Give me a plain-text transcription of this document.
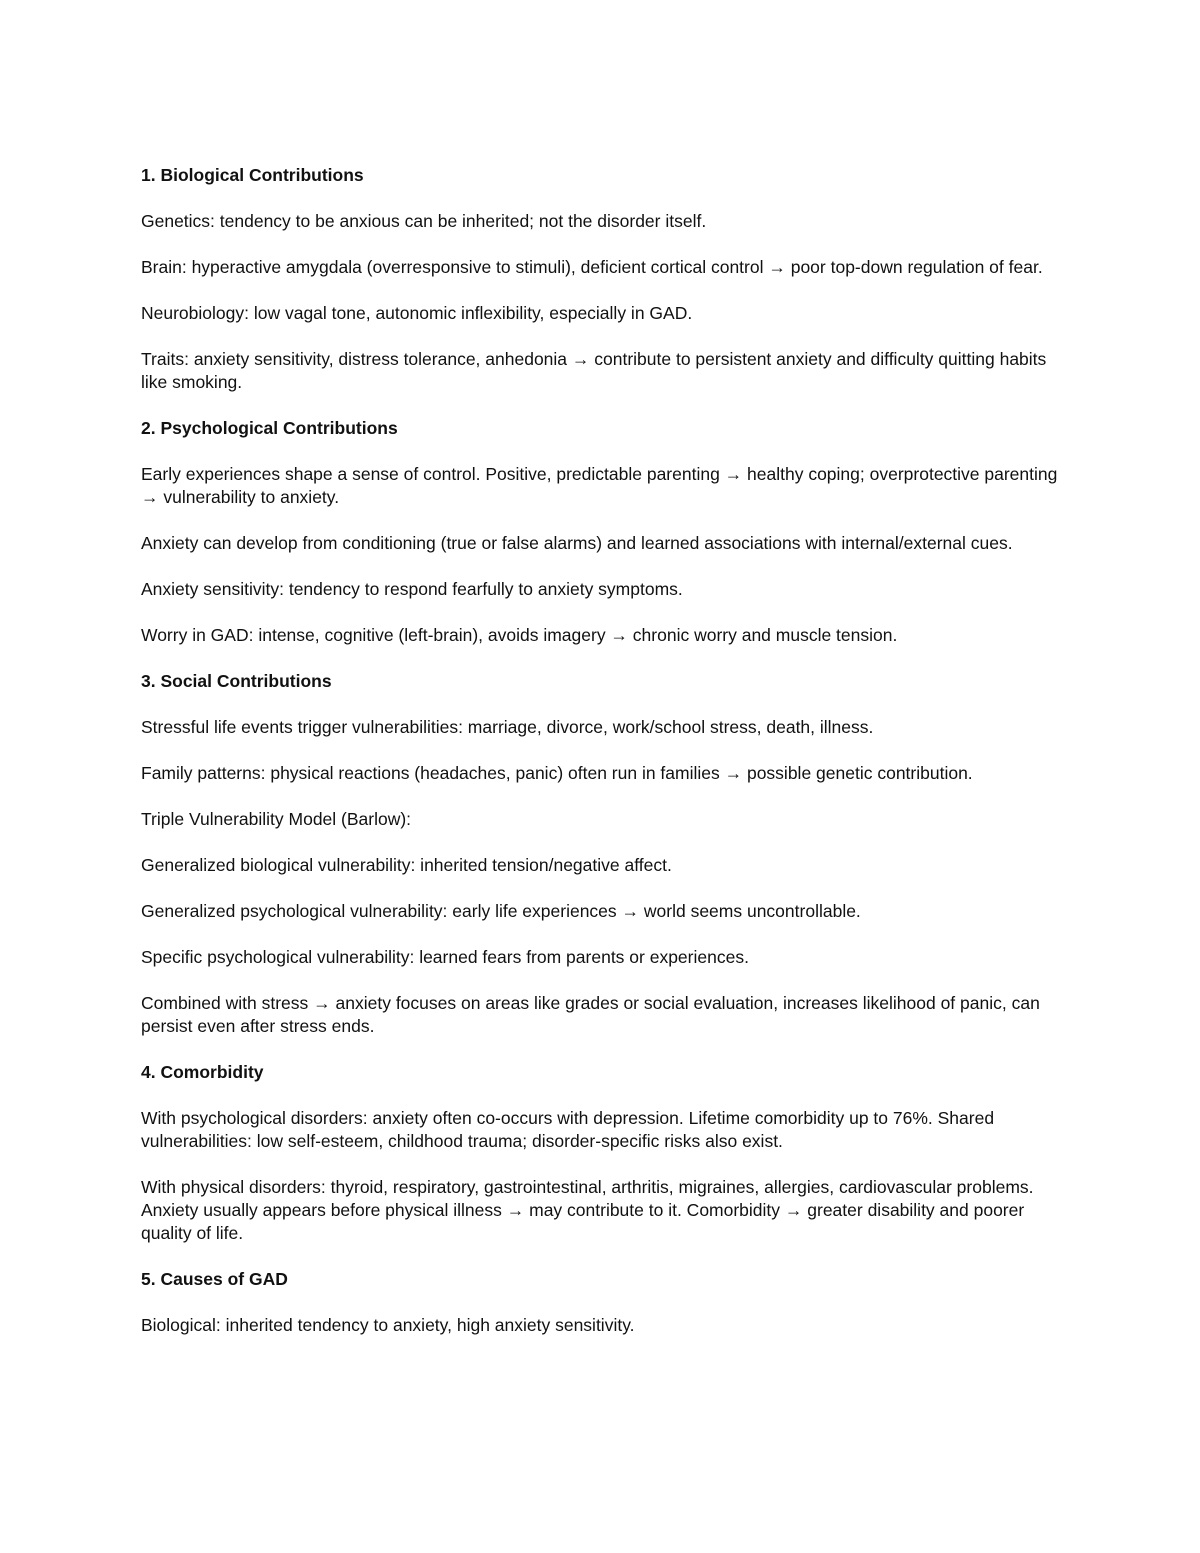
1. Biological Contributions
Genetics: tendency to be anxious can be inherited; not the disorder itself.
Brain: hyperactive amygdala (overresponsive to stimuli), deficient cortical control → poor top-down regulation of fear.
Neurobiology: low vagal tone, autonomic inflexibility, especially in GAD.
Traits: anxiety sensitivity, distress tolerance, anhedonia → contribute to persistent anxiety and difficulty quitting habits like smoking.
2. Psychological Contributions
Early experiences shape a sense of control. Positive, predictable parenting → healthy coping; overprotective parenting → vulnerability to anxiety.
Anxiety can develop from conditioning (true or false alarms) and learned associations with internal/external cues.
Anxiety sensitivity: tendency to respond fearfully to anxiety symptoms.
Worry in GAD: intense, cognitive (left-brain), avoids imagery → chronic worry and muscle tension.
3. Social Contributions
Stressful life events trigger vulnerabilities: marriage, divorce, work/school stress, death, illness.
Family patterns: physical reactions (headaches, panic) often run in families → possible genetic contribution.
Triple Vulnerability Model (Barlow):
Generalized biological vulnerability: inherited tension/negative affect.
Generalized psychological vulnerability: early life experiences → world seems uncontrollable.
Specific psychological vulnerability: learned fears from parents or experiences.
Combined with stress → anxiety focuses on areas like grades or social evaluation, increases likelihood of panic, can persist even after stress ends.
4. Comorbidity
With psychological disorders: anxiety often co-occurs with depression. Lifetime comorbidity up to 76%. Shared vulnerabilities: low self-esteem, childhood trauma; disorder-specific risks also exist.
With physical disorders: thyroid, respiratory, gastrointestinal, arthritis, migraines, allergies, cardiovascular problems. Anxiety usually appears before physical illness → may contribute to it. Comorbidity → greater disability and poorer quality of life.
5. Causes of GAD
Biological: inherited tendency to anxiety, high anxiety sensitivity.
